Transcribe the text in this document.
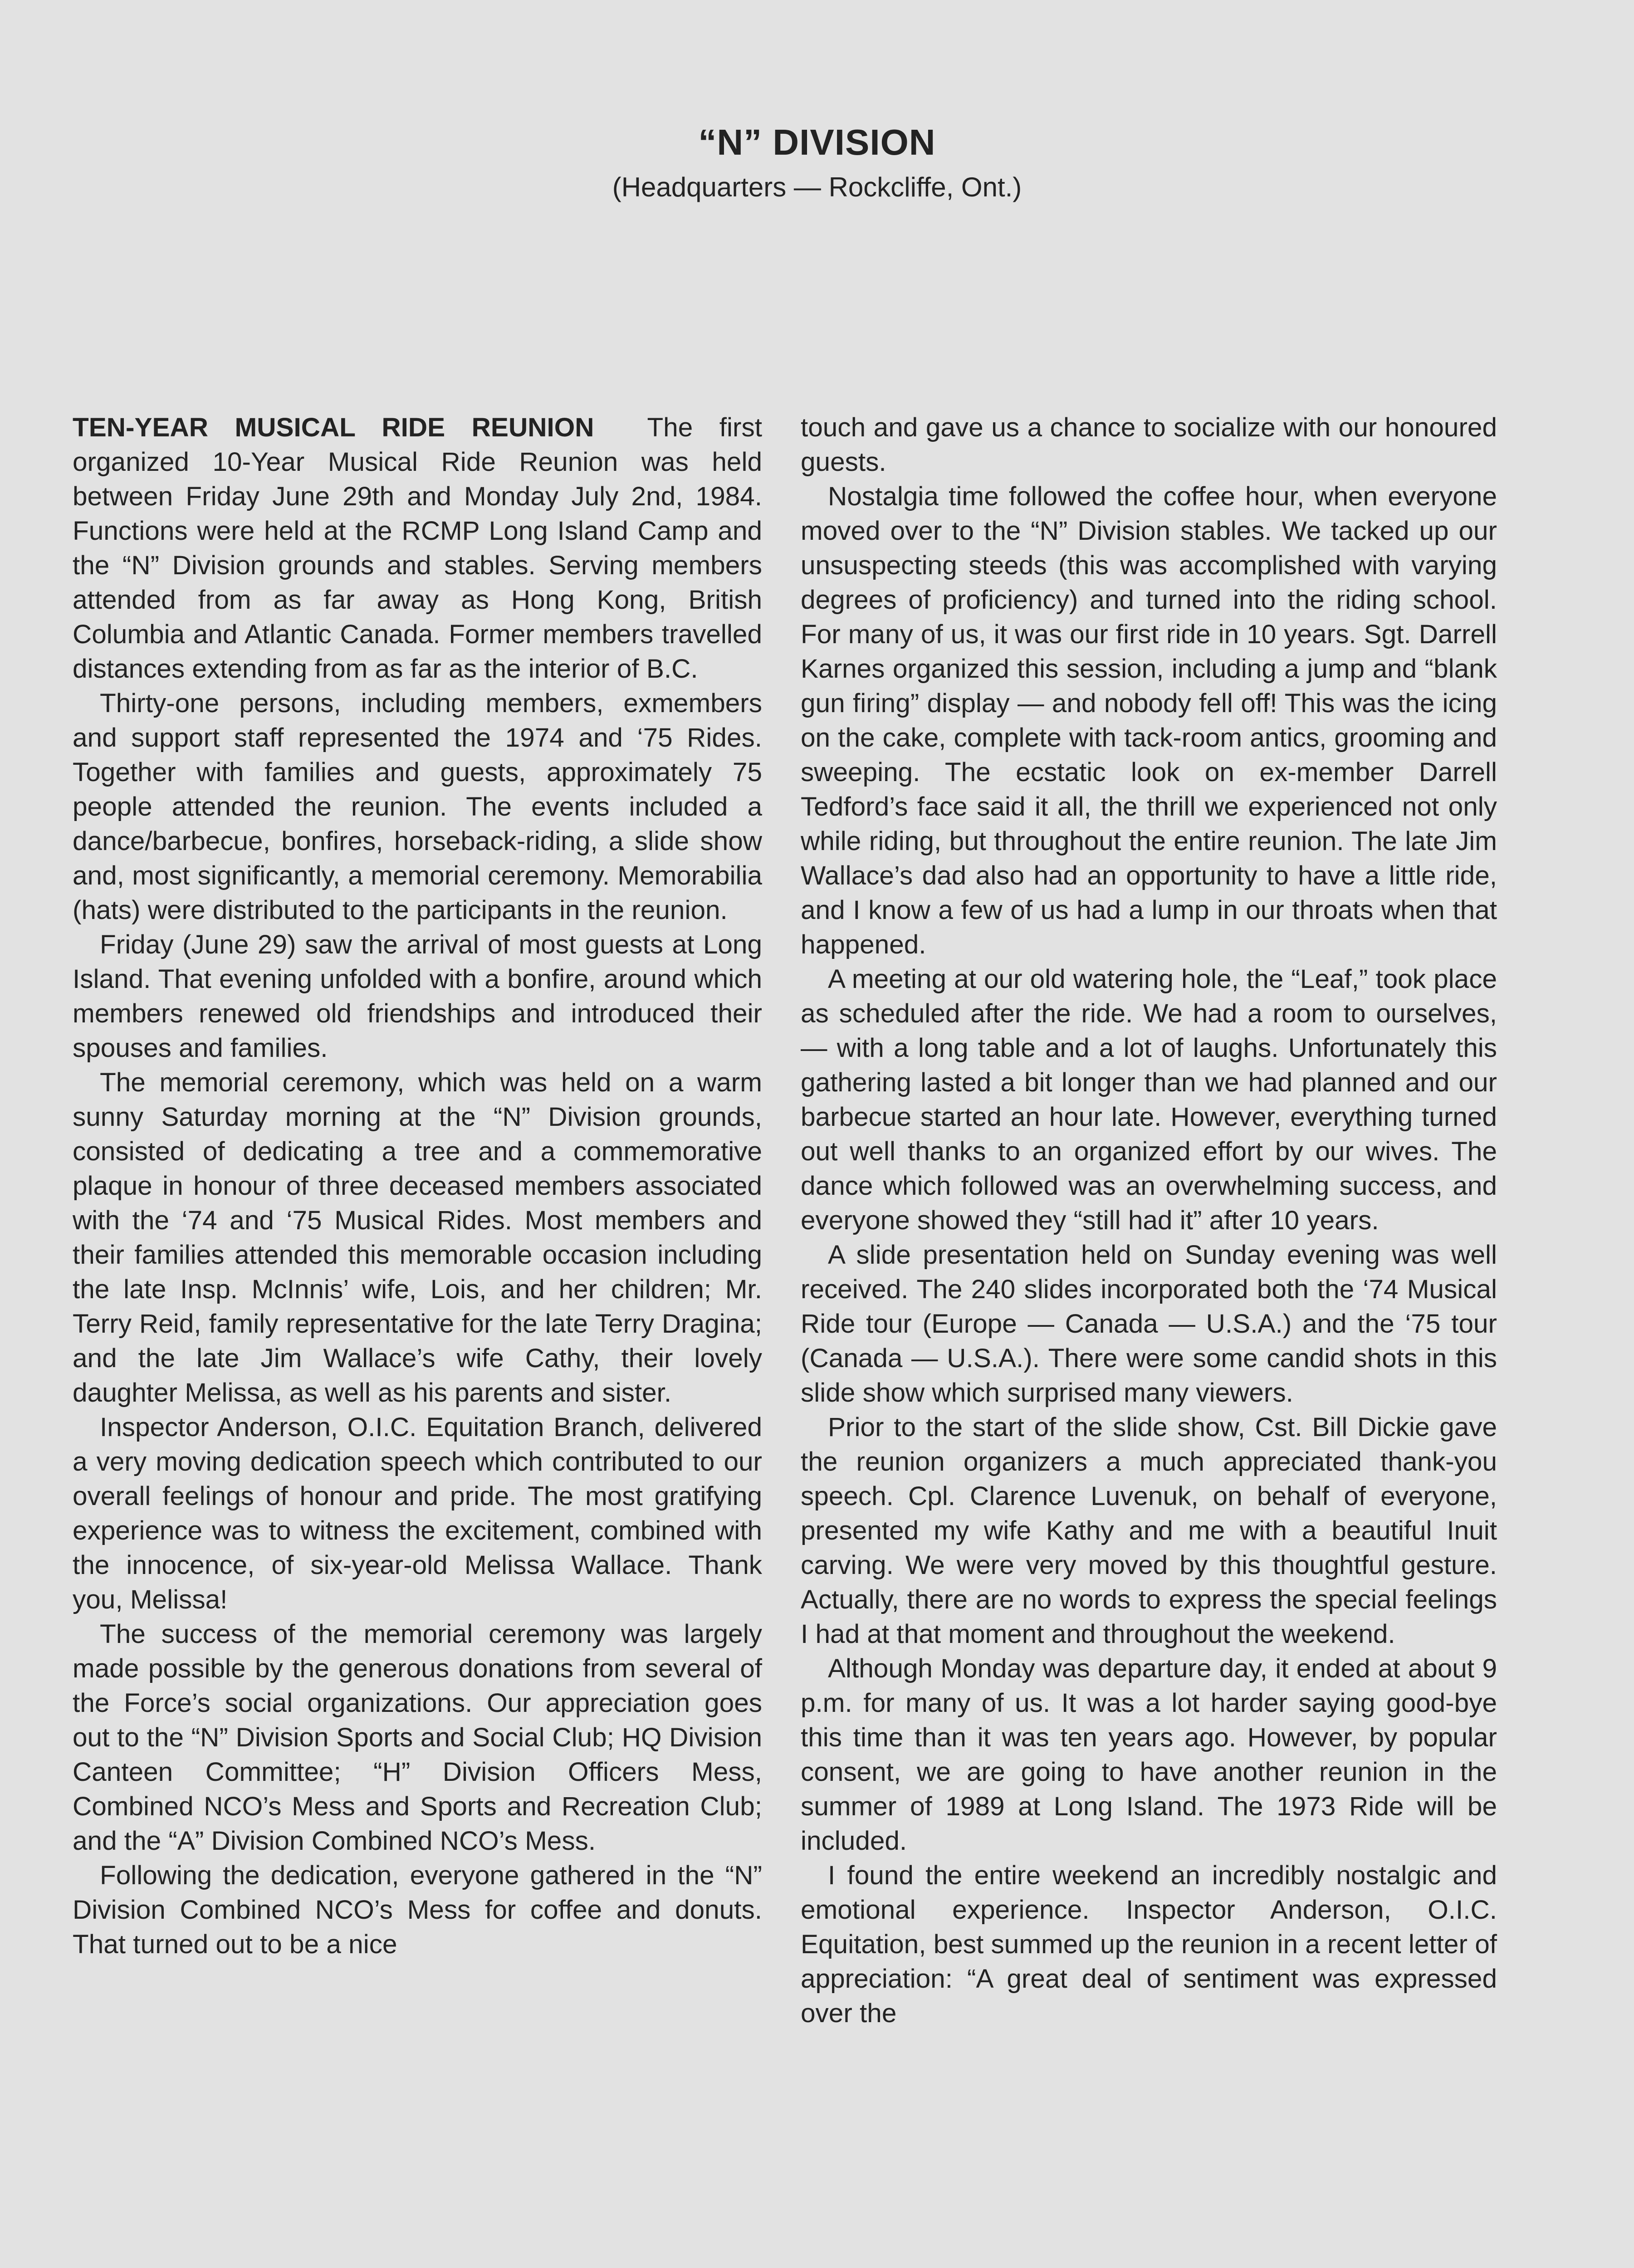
“N” DIVISION
(Headquarters — Rockcliffe, Ont.)

TEN-YEAR MUSICAL RIDE REUNION The first organized 10-Year Musical Ride Reunion was held between Friday June 29th and Monday July 2nd, 1984. Functions were held at the RCMP Long Island Camp and the “N” Division grounds and stables. Serving members attended from as far away as Hong Kong, British Columbia and Atlantic Canada. Former members travelled distances extending from as far as the interior of B.C.

Thirty-one persons, including members, exmembers and support staff represented the 1974 and ‘75 Rides. Together with families and guests, approximately 75 people attended the reunion. The events included a dance/barbecue, bonfires, horseback-riding, a slide show and, most significantly, a memorial ceremony. Memorabilia (hats) were distributed to the participants in the reunion.

Friday (June 29) saw the arrival of most guests at Long Island. That evening unfolded with a bonfire, around which members renewed old friendships and introduced their spouses and families.

The memorial ceremony, which was held on a warm sunny Saturday morning at the “N” Division grounds, consisted of dedicating a tree and a commemorative plaque in honour of three deceased members associated with the ‘74 and ‘75 Musical Rides. Most members and their families attended this memorable occasion including the late Insp. McInnis’ wife, Lois, and her children; Mr. Terry Reid, family representative for the late Terry Dragina; and the late Jim Wallace’s wife Cathy, their lovely daughter Melissa, as well as his parents and sister.

Inspector Anderson, O.I.C. Equitation Branch, delivered a very moving dedication speech which contributed to our overall feelings of honour and pride. The most gratifying experience was to witness the excitement, combined with the innocence, of six-year-old Melissa Wallace. Thank you, Melissa!

The success of the memorial ceremony was largely made possible by the generous donations from several of the Force’s social organizations. Our appreciation goes out to the “N” Division Sports and Social Club; HQ Division Canteen Committee; “H” Division Officers Mess, Combined NCO’s Mess and Sports and Recreation Club; and the “A” Division Combined NCO’s Mess.

Following the dedication, everyone gathered in the “N” Division Combined NCO’s Mess for coffee and donuts. That turned out to be a nice

touch and gave us a chance to socialize with our honoured guests.

Nostalgia time followed the coffee hour, when everyone moved over to the “N” Division stables. We tacked up our unsuspecting steeds (this was accomplished with varying degrees of proficiency) and turned into the riding school. For many of us, it was our first ride in 10 years. Sgt. Darrell Karnes organized this session, including a jump and “blank gun firing” display — and nobody fell off! This was the icing on the cake, complete with tack-room antics, grooming and sweeping. The ecstatic look on ex-member Darrell Tedford’s face said it all, the thrill we experienced not only while riding, but throughout the entire reunion. The late Jim Wallace’s dad also had an opportunity to have a little ride, and I know a few of us had a lump in our throats when that happened.

A meeting at our old watering hole, the “Leaf,” took place as scheduled after the ride. We had a room to ourselves, — with a long table and a lot of laughs. Unfortunately this gathering lasted a bit longer than we had planned and our barbecue started an hour late. However, everything turned out well thanks to an organized effort by our wives. The dance which followed was an overwhelming success, and everyone showed they “still had it” after 10 years.

A slide presentation held on Sunday evening was well received. The 240 slides incorporated both the ‘74 Musical Ride tour (Europe — Canada — U.S.A.) and the ‘75 tour (Canada — U.S.A.). There were some candid shots in this slide show which surprised many viewers.

Prior to the start of the slide show, Cst. Bill Dickie gave the reunion organizers a much appreciated thank-you speech. Cpl. Clarence Luvenuk, on behalf of everyone, presented my wife Kathy and me with a beautiful Inuit carving. We were very moved by this thoughtful gesture. Actually, there are no words to express the special feelings I had at that moment and throughout the weekend.

Although Monday was departure day, it ended at about 9 p.m. for many of us. It was a lot harder saying good-bye this time than it was ten years ago. However, by popular consent, we are going to have another reunion in the summer of 1989 at Long Island. The 1973 Ride will be included.

I found the entire weekend an incredibly nostalgic and emotional experience. Inspector Anderson, O.I.C. Equitation, best summed up the reunion in a recent letter of appreciation: “A great deal of sentiment was expressed over the
